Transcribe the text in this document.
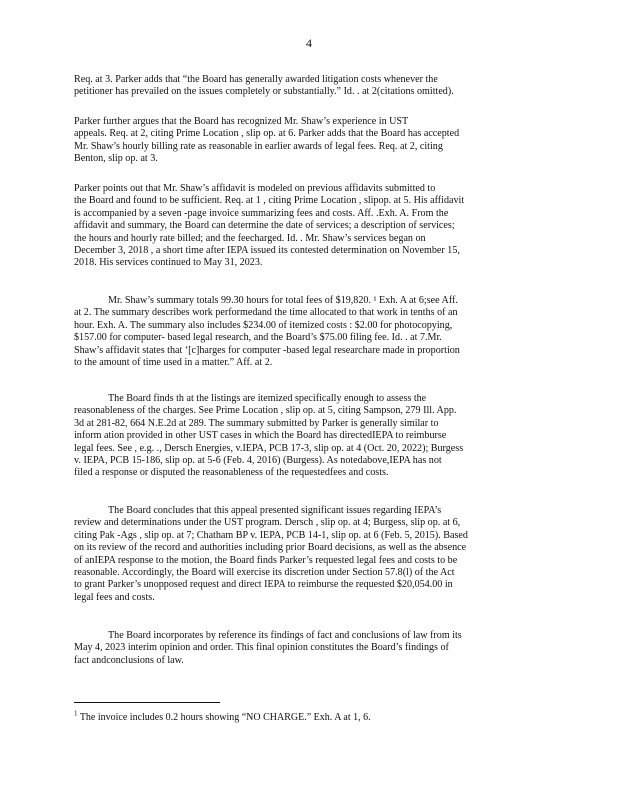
4
Req. at 3. Parker adds that “the Board has generally awarded litigation costs whenever the
petitioner has prevailed on the issues completely or substantially.” Id. . at 2(citations omitted).
Parker further argues that the Board has recognized Mr. Shaw’s experience in UST
appeals. Req. at 2, citing Prime Location , slip op. at 6. Parker adds that the Board has accepted
Mr. Shaw’s hourly billing rate as reasonable in earlier awards of legal fees. Req. at 2, citing
Benton, slip op. at 3.
Parker points out that Mr. Shaw’s affidavit is modeled on previous affidavits submitted to
the Board and found to be sufficient. Req. at 1 , citing Prime Location , slipop. at 5. His affidavit
is accompanied by a seven -page invoice summarizing fees and costs. Aff. .Exh. A. From the
affidavit and summary, the Board can determine the date of services; a description of services;
the hours and hourly rate billed; and the feecharged. Id. . Mr. Shaw’s services began on
December 3, 2018 , a short time after IEPA issued its contested determination on November 15,
2018. His services continued to May 31, 2023.
Mr. Shaw’s summary totals 99.30 hours for total fees of $19,820. ¹ Exh. A at 6;see Aff.
at 2. The summary describes work performedand the time allocated to that work in tenths of an
hour. Exh. A. The summary also includes $234.00 of itemized costs : $2.00 for photocopying,
$157.00 for computer- based legal research, and the Board’s $75.00 filing fee. Id. . at 7.Mr.
Shaw’s affidavit states that ‘[c]harges for computer -based legal researchare made in proportion
to the amount of time used in a matter.” Aff. at 2.
The Board finds th at the listings are itemized specifically enough to assess the
reasonableness of the charges. See Prime Location , slip op. at 5, citing Sampson, 279 Ill. App.
3d at 281-82, 664 N.E.2d at 289. The summary submitted by Parker is generally similar to
inform ation provided in other UST cases in which the Board has directedIEPA to reimburse
legal fees. See , e.g. ., Dersch Energies, v.IEPA, PCB 17-3, slip op. at 4 (Oct. 20, 2022); Burgess
v. IEPA, PCB 15-186, slip op. at 5-6 (Feb. 4, 2016) (Burgess). As notedabove,IEPA has not
filed a response or disputed the reasonableness of the requestedfees and costs.
The Board concludes that this appeal presented significant issues regarding IEPA’s
review and determinations under the UST program. Dersch , slip op. at 4; Burgess, slip op. at 6,
citing Pak -Ags , slip op. at 7; Chatham BP v. IEPA, PCB 14-1, slip op. at 6 (Feb. 5, 2015). Based
on its review of the record and authorities including prior Board decisions, as well as the absence
of anIEPA response to the motion, the Board finds Parker’s requested legal fees and costs to be
reasonable. Accordingly, the Board will exercise its discretion under Section 57.8(l) of the Act
to grant Parker’s unopposed request and direct IEPA to reimburse the requested $20,054.00 in
legal fees and costs.
The Board incorporates by reference its findings of fact and conclusions of law from its
May 4, 2023 interim opinion and order. This final opinion constitutes the Board’s findings of
fact andconclusions of law.

$^1$ The invoice includes 0.2 hours showing “NO CHARGE.” Exh. A at 1, 6.
